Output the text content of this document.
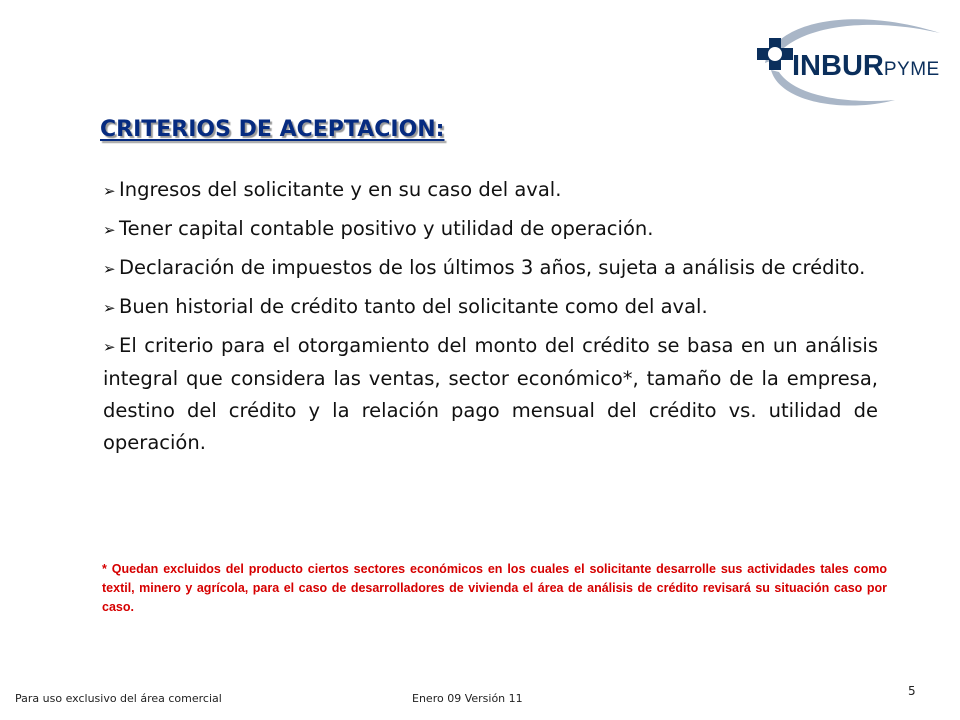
INBURPYME
CRITERIOS DE ACEPTACION:
➢ Ingresos del solicitante y en su caso del aval.
➢ Tener capital contable positivo y utilidad de operación.
➢ Declaración de impuestos de los últimos 3 años, sujeta a análisis de crédito.
➢ Buen historial de crédito tanto del solicitante como del aval.
➢ El criterio para el otorgamiento del monto del crédito se basa en un análisis integral que considera las ventas, sector económico*, tamaño de la empresa, destino del crédito y la relación pago mensual del crédito vs. utilidad de operación.
* Quedan excluidos del producto ciertos sectores económicos en los cuales el solicitante desarrolle sus actividades tales como textil, minero y agrícola, para el caso de desarrolladores de vivienda el área de análisis de crédito revisará su situación caso por caso.
Para uso exclusivo del área comercial	Enero 09 Versión 11
5
